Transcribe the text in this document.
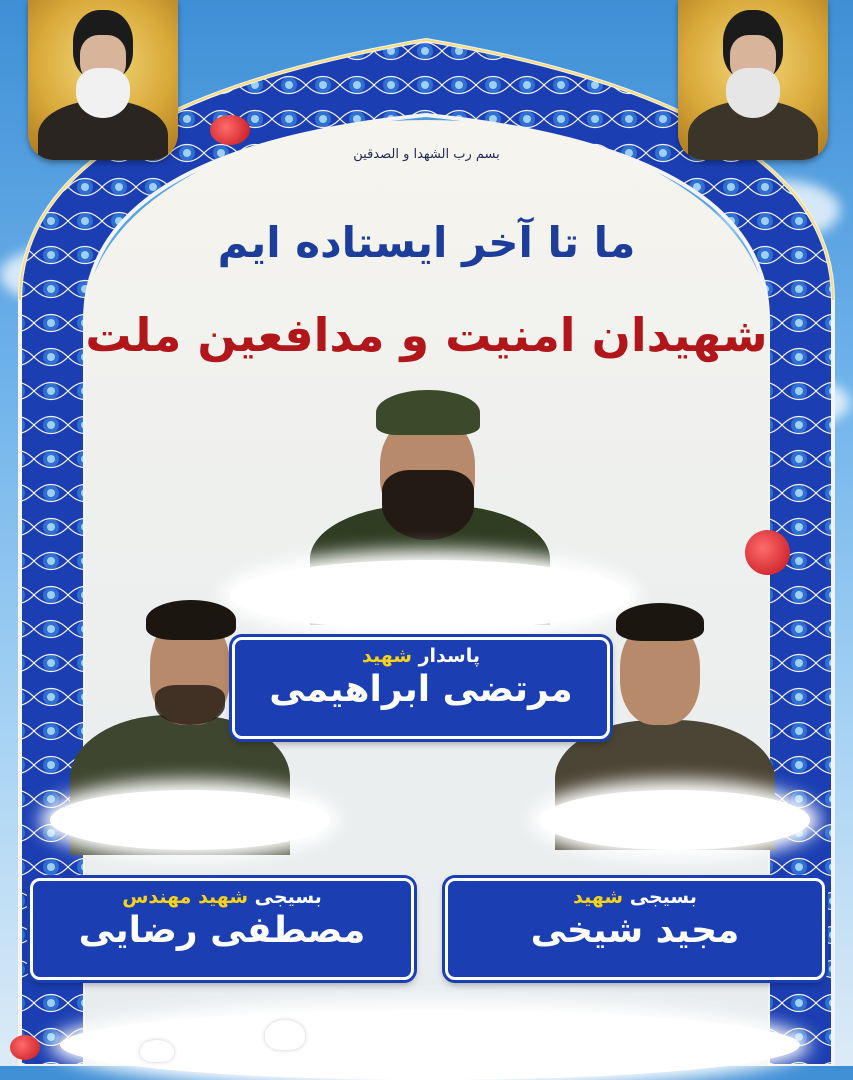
بسم رب الشهدا و الصدقین
ما تا آخر ایستاده ایم
شهیدان امنیت و مدافعین ملت
پاسدار شهید
مرتضی ابراهیمی
بسیجی شهید مهندس
مصطفی رضایی
بسیجی شهید
مجید شیخی
